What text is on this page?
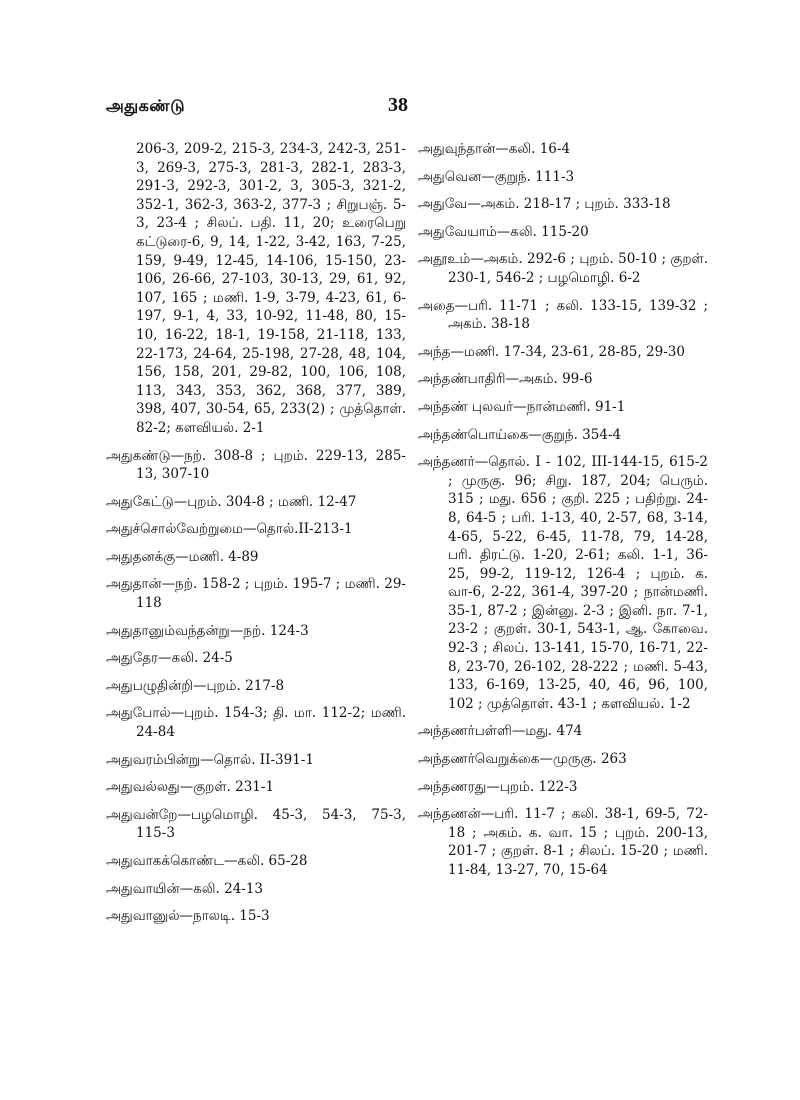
அதுகண்டு	38

206-3, 209-2, 215-3, 234-3, 242-3, 251-3, 269-3, 275-3, 281-3, 282-1, 283-3, 291-3, 292-3, 301-2, 3, 305-3, 321-2, 352-1, 362-3, 363-2, 377-3 ; சிறுபஞ். 5-3, 23-4 ; சிலப். பதி. 11, 20; உரைபெறு கட்டுரை-6, 9, 14, 1-22, 3-42, 163, 7-25, 159, 9-49, 12-45, 14-106, 15-150, 23-106, 26-66, 27-103, 30-13, 29, 61, 92, 107, 165 ; மணி. 1-9, 3-79, 4-23, 61, 6-197, 9-1, 4, 33, 10-92, 11-48, 80, 15-10, 16-22, 18-1, 19-158, 21-118, 133, 22-173, 24-64, 25-198, 27-28, 48, 104, 156, 158, 201, 29-82, 100, 106, 108, 113, 343, 353, 362, 368, 377, 389, 398, 407, 30-54, 65, 233(2) ; முத்தொள். 82-2; களவியல். 2-1

அதுகண்டு—நற். 308-8 ; புறம். 229-13, 285-13, 307-10

அதுகேட்டு—புறம். 304-8 ; மணி. 12-47

அதுச்சொல்வேற்றுமை—தொல்.II-213-1

அதுதனக்கு—மணி. 4-89

அதுதான்—நற். 158-2 ; புறம். 195-7 ; மணி. 29-118

அதுதானும்வந்தன்று—நற். 124-3

அதுதேர—கலி. 24-5

அதுபழுதின்றி—புறம். 217-8

அதுபோல்—புறம். 154-3; தி. மா. 112-2; மணி. 24-84

அதுவரம்பின்று—தொல். II-391-1

அதுவல்லது—குறள். 231-1

அதுவன்றே—பழமொழி. 45-3, 54-3, 75-3, 115-3

அதுவாகக்கொண்ட—கலி. 65-28

அதுவாயின்—கலி. 24-13

அதுவானுல்—நாலடி. 15-3

அதுவுந்தான்—கலி. 16-4

அதுவென—குறுந். 111-3

அதுவே—அகம். 218-17 ; புறம். 333-18

அதுவேயாம்—கலி. 115-20

அதூஉம்—அகம். 292-6 ; புறம். 50-10 ; குறள். 230-1, 546-2 ; பழமொழி. 6-2

அதை—பரி. 11-71 ; கலி. 133-15, 139-32 ; அகம். 38-18

அந்த—மணி. 17-34, 23-61, 28-85, 29-30

அந்தண்பாதிரி—அகம். 99-6

அந்தண் புலவர்—நான்மணி. 91-1

அந்தண்பொய்கை—குறுந். 354-4

அந்தணர்—தொல். I - 102, III-144-15, 615-2 ; முருகு. 96; சிறு. 187, 204; பெரும். 315 ; மது. 656 ; குறி. 225 ; பதிற்று. 24-8, 64-5 ; பரி. 1-13, 40, 2-57, 68, 3-14, 4-65, 5-22, 6-45, 11-78, 79, 14-28, பரி. திரட்டு. 1-20, 2-61; கலி. 1-1, 36-25, 99-2, 119-12, 126-4 ; புறம். க. வா-6, 2-22, 361-4, 397-20 ; நான்மணி. 35-1, 87-2 ; இன்னு. 2-3 ; இனி. நா. 7-1, 23-2 ; குறள். 30-1, 543-1, ஆ. கோவை. 92-3 ; சிலப். 13-141, 15-70, 16-71, 22-8, 23-70, 26-102, 28-222 ; மணி. 5-43, 133, 6-169, 13-25, 40, 46, 96, 100, 102 ; முத்தொள். 43-1 ; களவியல். 1-2

அந்தணர்பள்ளி—மது. 474

அந்தணர்வெறுக்கை—முருகு. 263

அந்தணரது—புறம். 122-3

அந்தணன்—பரி. 11-7 ; கலி. 38-1, 69-5, 72-18 ; அகம். க. வா. 15 ; புறம். 200-13, 201-7 ; குறள். 8-1 ; சிலப். 15-20 ; மணி. 11-84, 13-27, 70, 15-64
